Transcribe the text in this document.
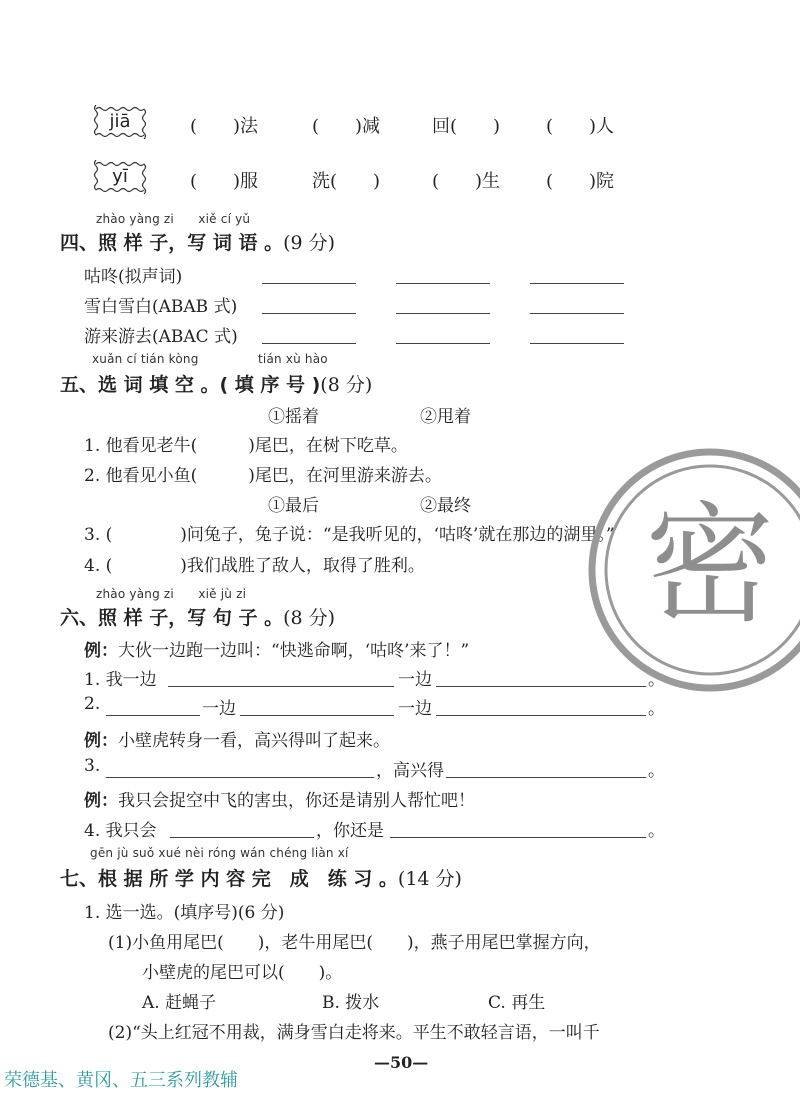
jiā	(　　)法	(　　)减	回(　　)	(　　)人
yī	(　　)服	洗(　　)	(　　)生	(　　)院
zhào yàng zi　　xiě cí yǔ
四、照 样 子，写 词 语 。(9 分)
咕咚(拟声词)
雪白雪白(ABAB 式)
游来游去(ABAC 式)
xuǎn cí tián kòng	tián xù hào
五、选 词 填 空 。( 填 序 号 )(8 分)
①摇着	②甩着
1. 他看见老牛(　　　)尾巴，在树下吃草。
2. 他看见小鱼(　　　)尾巴，在河里游来游去。
①最后	②最终
3. (　　　　)问兔子，兔子说：“是我听见的，‘咕咚’就在那边的湖里。”
4. (　　　　)我们战胜了敌人，取得了胜利。 密
zhào yàng zi　　xiě jù zi
六、照 样 子，写 句 子 。(8 分)
例：大伙一边跑一边叫：“快逃命啊，‘咕咚’来了！”
1. 我一边	一边	。
2.	一边	一边	。
例：小壁虎转身一看，高兴得叫了起来。
3.	，高兴得	。
例：我只会捉空中飞的害虫，你还是请别人帮忙吧！
4. 我只会	，你还是	。
gēn jù suǒ xué nèi róng wán chéng liàn xí
七、根 据 所 学 内 容 完　成　练 习 。(14 分)
1. 选一选。(填序号)(6 分)
(1)小鱼用尾巴(　　)，老牛用尾巴(　　)，燕子用尾巴掌握方向，
小壁虎的尾巴可以(　　)。
A. 赶蝇子	B. 拨水	C. 再生
(2)“头上红冠不用裁，满身雪白走将来。平生不敢轻言语，一叫千
—50—
荣德基、黄冈、五三系列教辅
